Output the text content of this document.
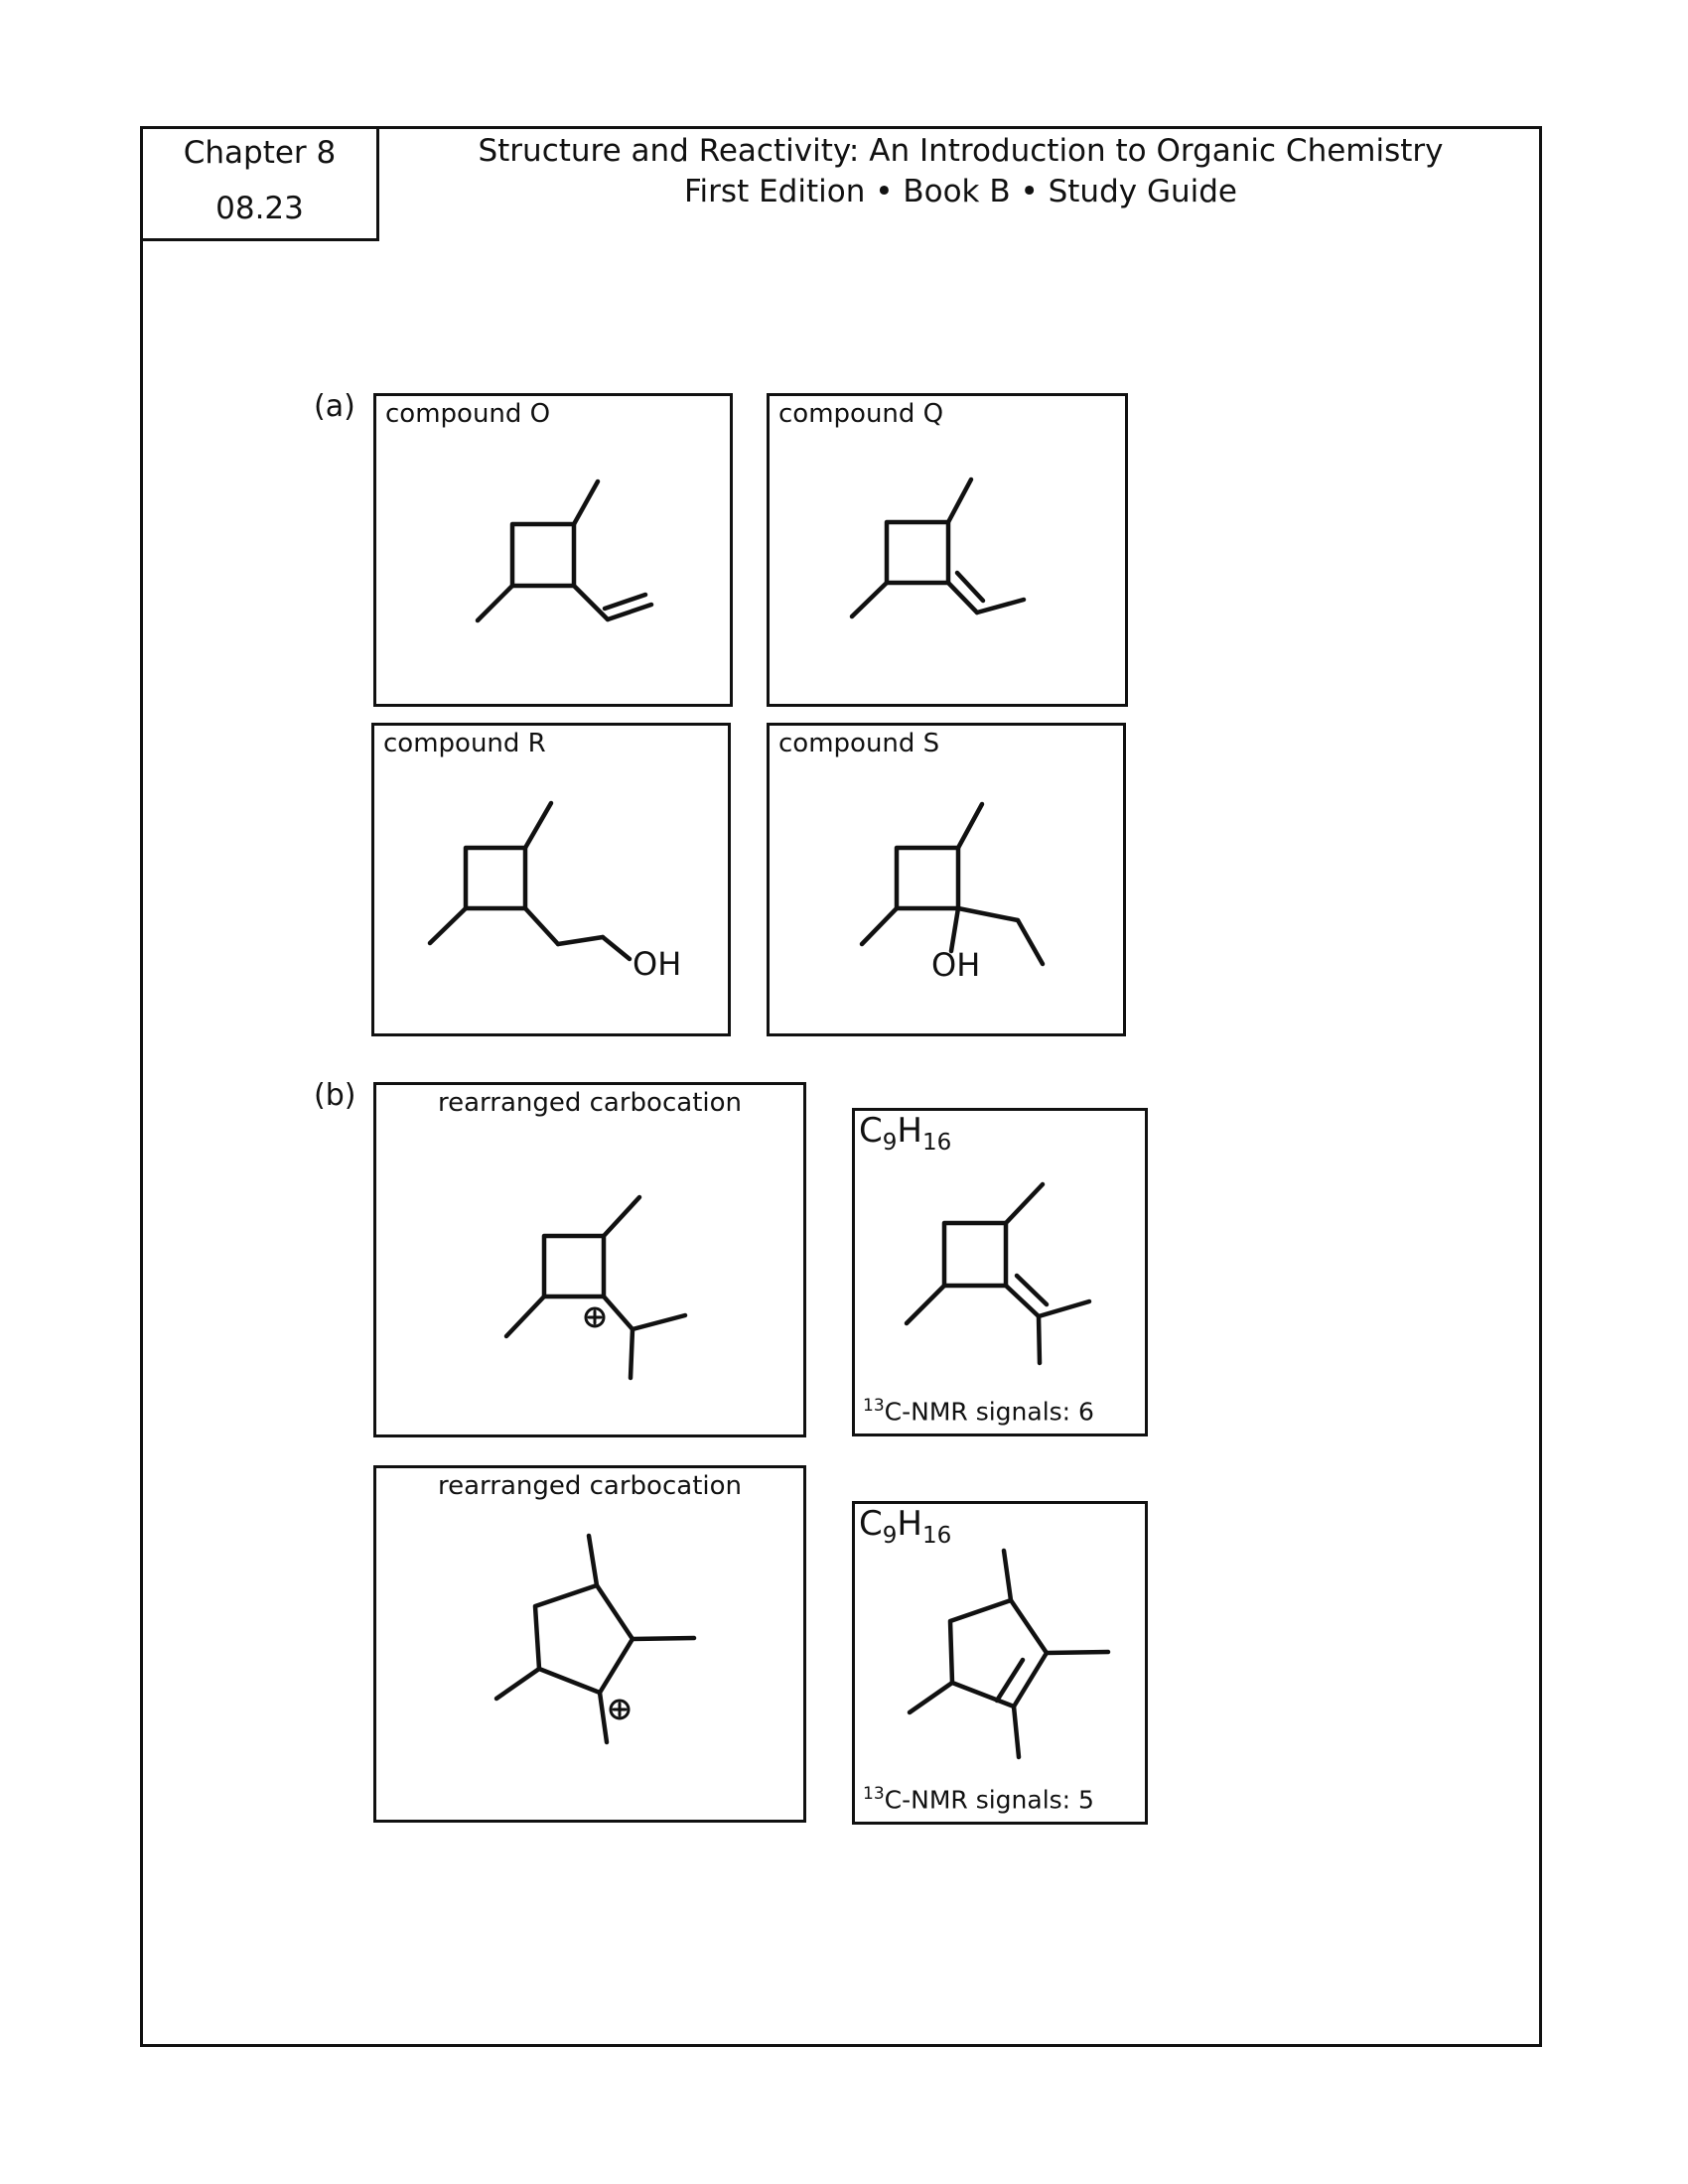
Chapter 8
08.23
Structure and Reactivity: An Introduction to Organic Chemistry
First Edition • Book B • Study Guide
(a) compound O	compound Q
compound R
OH
compound S
OH
(b)	rearranged carbocation
$C_9H_{16}$
$^{13}$C-NMR signals: 6
rearranged carbocation
$C_9H_{16}$
$^{13}$C-NMR signals: 5
